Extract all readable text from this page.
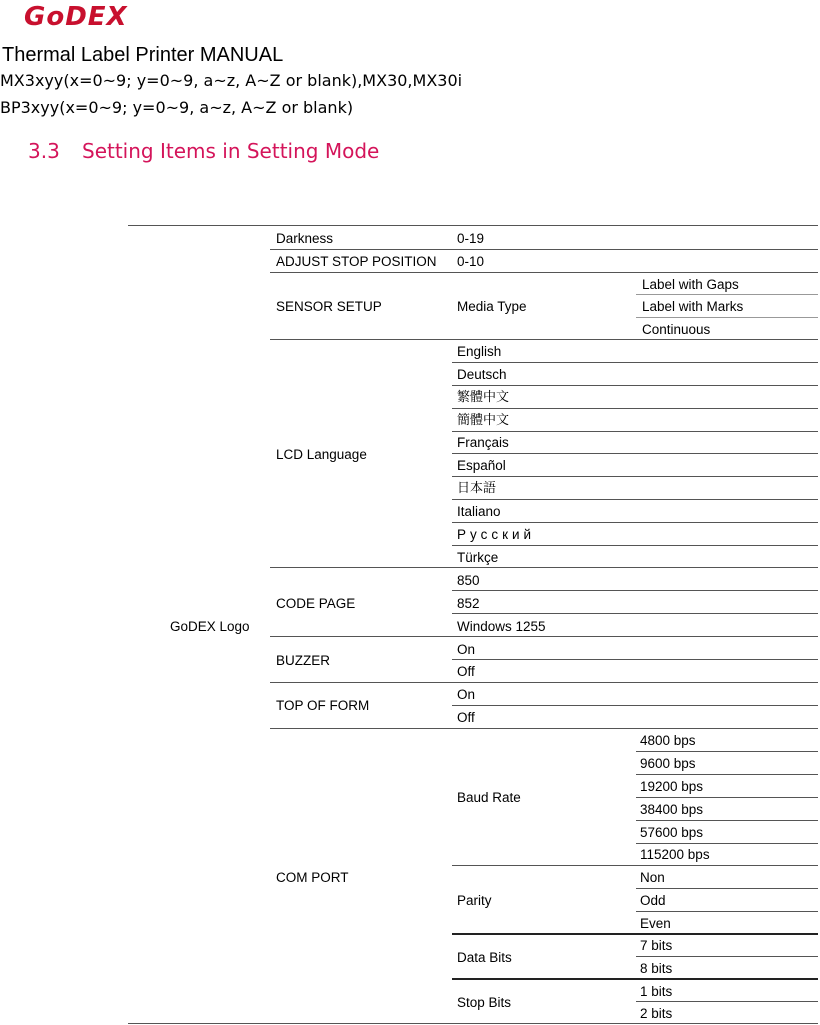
GoDEX
Thermal Label Printer MANUAL
MX3xyy(x=0~9; y=0~9, a~z, A~Z or blank),MX30,MX30i
BP3xyy(x=0~9; y=0~9, a~z, A~Z or blank)
3.3 Setting Items in Setting Mode
GoDEX Logo
Darkness	0-19
ADJUST STOP POSITION 0-10
SENSOR SETUP	Media Type
Label with Gaps
Label with Marks
Continuous
LCD Language
English
Deutsch
繁體中文
簡體中文
Français
Español
日本語
Italiano
Русский
Türkçe
CODE PAGE
850
852
Windows 1255
BUZZER
On
Off
TOP OF FORM
On
Off
COM PORT
Baud Rate
4800 bps
9600 bps
19200 bps
38400 bps
57600 bps
115200 bps
Parity
Non
Odd
Even
Data Bits
7 bits
8 bits
Stop Bits
1 bits
2 bits
